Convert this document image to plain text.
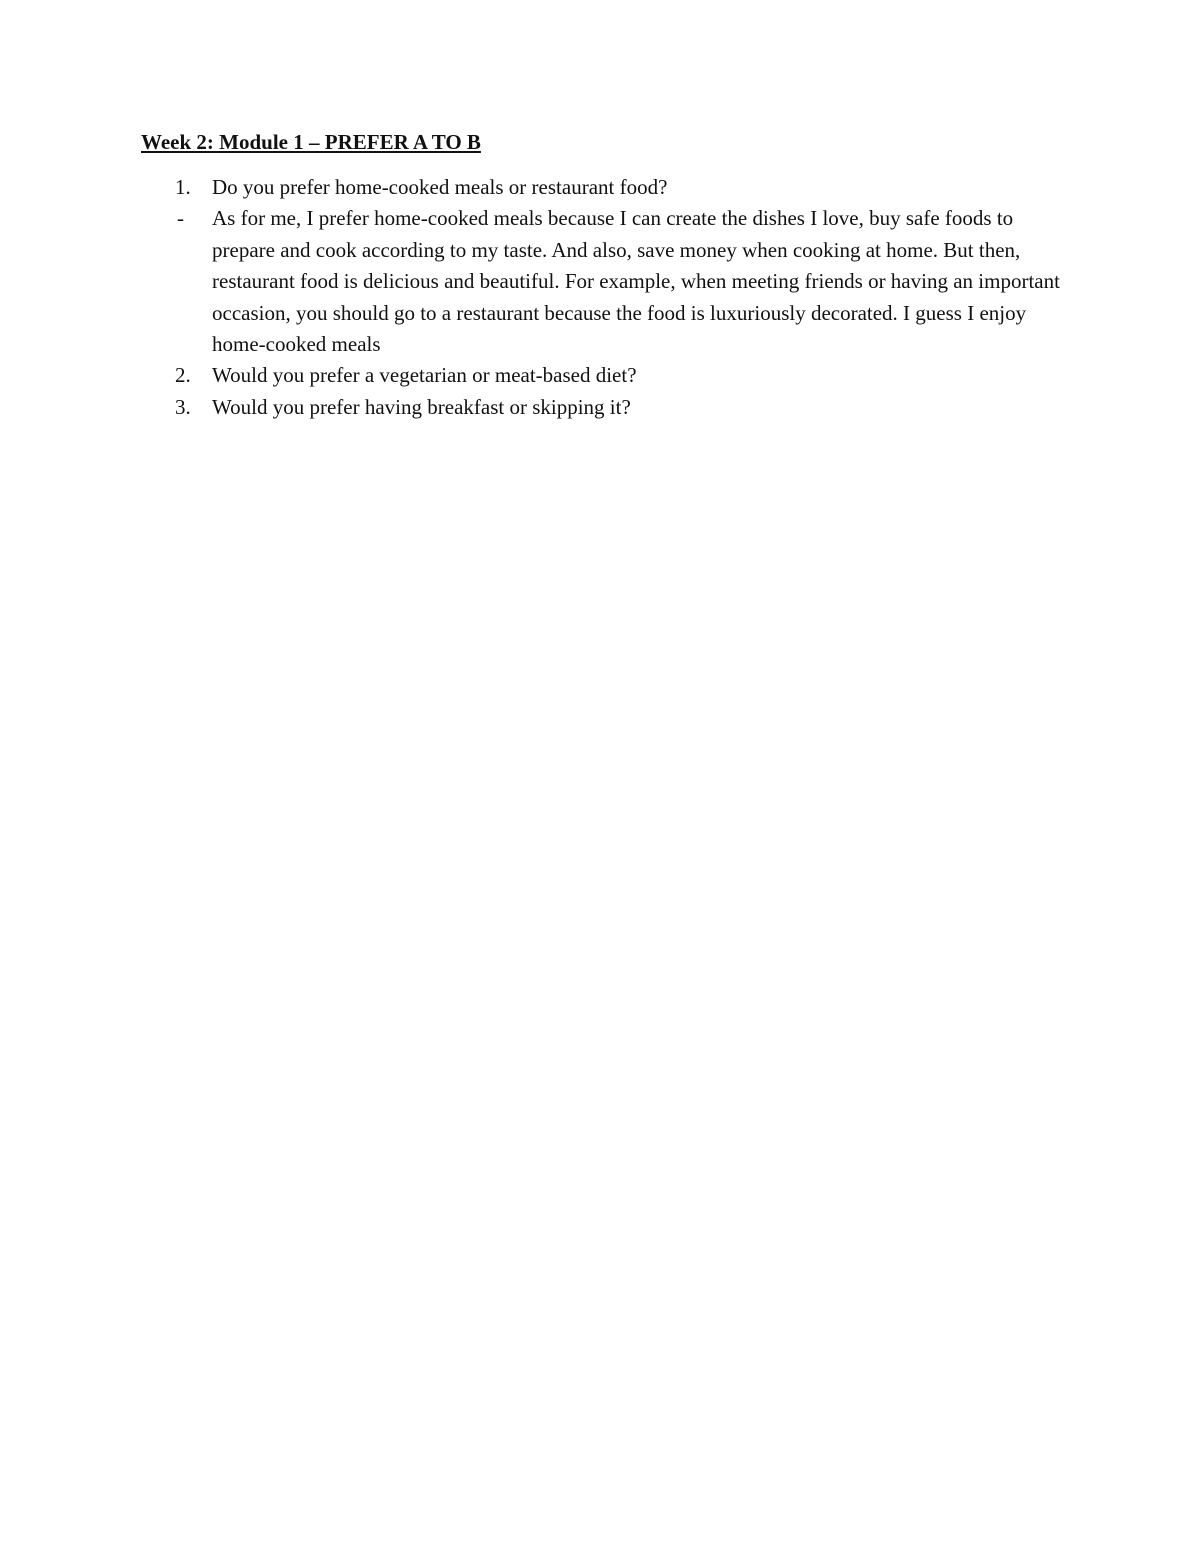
Week 2: Module 1 – PREFER A TO B
1.	Do you prefer home-cooked meals or restaurant food?
-	As for me, I prefer home-cooked meals because I can create the dishes I love, buy safe foods to prepare and cook according to my taste. And also, save money when cooking at home. But then, restaurant food is delicious and beautiful. For example, when meeting friends or having an important occasion, you should go to a restaurant because the food is luxuriously decorated. I guess I enjoy home-cooked meals
2.	Would you prefer a vegetarian or meat-based diet?
3.	Would you prefer having breakfast or skipping it?
